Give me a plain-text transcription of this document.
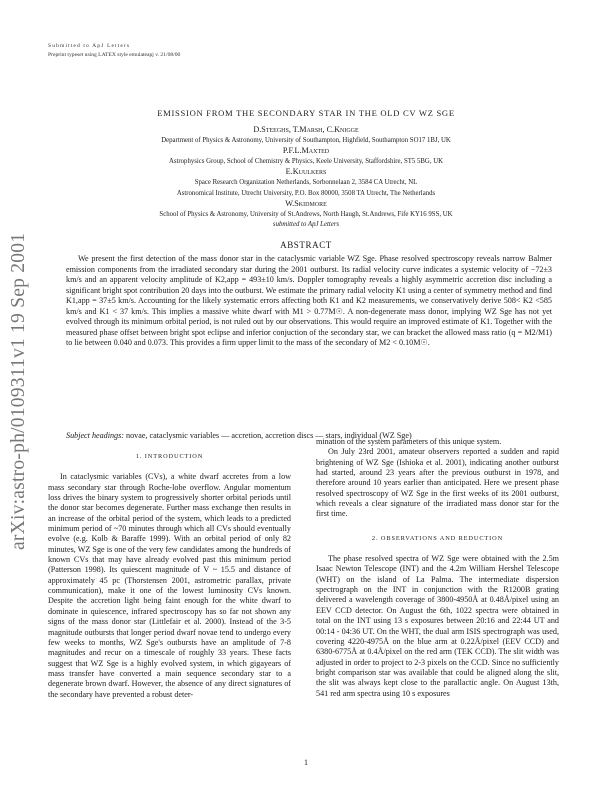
Submitted to ApJ Letters
Preprint typeset using LATEX style emulateapj v. 21/08/00
arXiv:astro-ph/0109311v1 19 Sep 2001
EMISSION FROM THE SECONDARY STAR IN THE OLD CV WZ SGE
D.Steeghs, T.Marsh, C.Knigge
Department of Physics & Astronomy, University of Southampton, Highfield, Southampton SO17 1BJ, UK
P.F.L.Maxted
Astrophysics Group, School of Chemistry & Physics, Keele University, Staffordshire, ST5 5BG, UK
E.Kuulkers
Space Research Organization Netherlands, Sorbonnelaan 2, 3584 CA Utrecht, NL
Astronomical Institute, Utrecht University, P.O. Box 80000, 3508 TA Utrecht, The Netherlands
W.Skidmore
School of Physics & Astronomy, University of St.Andrews, North Haugh, St.Andrews, Fife KY16 9SS, UK
submitted to ApJ Letters
ABSTRACT

We present the first detection of the mass donor star in the cataclysmic variable WZ Sge. Phase resolved spectroscopy reveals narrow Balmer emission components from the irradiated secondary star during the 2001 outburst. Its radial velocity curve indicates a systemic velocity of −72±3 km/s and an apparent velocity amplitude of K2,app = 493±10 km/s. Doppler tomography reveals a highly asymmetric accretion disc including a significant bright spot contribution 20 days into the outburst. We estimate the primary radial velocity K1 using a center of symmetry method and find K1,app = 37±5 km/s. Accounting for the likely systematic errors affecting both K1 and K2 measurements, we conservatively derive 508< K2 <585 km/s and K1 < 37 km/s. This implies a massive white dwarf with M1 > 0.77M☉. A non-degenerate mass donor, implying WZ Sge has not yet evolved through its minimum orbital period, is not ruled out by our observations. This would require an improved estimate of K1. Together with the measured phase offset between bright spot eclipse and inferior conjuction of the secondary star, we can bracket the allowed mass ratio (q = M2/M1) to lie between 0.040 and 0.073. This provides a firm upper limit to the mass of the secondary of M2 < 0.10M☉.

Subject headings: novae, cataclysmic variables — accretion, accretion discs — stars, individual (WZ Sge)

1. INTRODUCTION

In cataclysmic variables (CVs), a white dwarf accretes from a low mass secondary star through Roche-lobe overflow. Angular momentum loss drives the binary system to progressively shorter orbital periods until the donor star becomes degenerate. Further mass exchange then results in an increase of the orbital period of the system, which leads to a predicted minimum period of ~70 minutes through which all CVs should eventually evolve (e.g. Kolb & Baraffe 1999). With an orbital period of only 82 minutes, WZ Sge is one of the very few candidates among the hundreds of known CVs that may have already evolved past this minimum period (Patterson 1998). Its quiescent magnitude of V ~ 15.5 and distance of approximately 45 pc (Thorstensen 2001, astrometric parallax, private communication), make it one of the lowest luminosity CVs known. Despite the accretion light being faint enough for the white dwarf to dominate in quiescence, infrared spectroscopy has so far not shown any signs of the mass donor star (Littlefair et al. 2000). Instead of the 3-5 magnitude outbursts that longer period dwarf novae tend to undergo every few weeks to months, WZ Sge's outbursts have an amplitude of 7-8 magnitudes and recur on a timescale of roughly 33 years. These facts suggest that WZ Sge is a highly evolved system, in which gigayears of mass transfer have converted a main sequence secondary star to a degenerate brown dwarf. However, the absence of any direct signatures of the secondary have prevented a robust deter-

mination of the system parameters of this unique system.

On July 23rd 2001, amateur observers reported a sudden and rapid brightening of WZ Sge (Ishioka et al. 2001), indicating another outburst had started, around 23 years after the previous outburst in 1978, and therefore around 10 years earlier than anticipated. Here we present phase resolved spectroscopy of WZ Sge in the first weeks of its 2001 outburst, which reveals a clear signature of the irradiated mass donor star for the first time.

2. OBSERVATIONS AND REDUCTION

The phase resolved spectra of WZ Sge were obtained with the 2.5m Isaac Newton Telescope (INT) and the 4.2m William Hershel Telescope (WHT) on the island of La Palma. The intermediate dispersion spectrograph on the INT in conjunction with the R1200B grating delivered a wavelength coverage of 3800-4950Å at 0.48Å/pixel using an EEV CCD detector. On August the 6th, 1022 spectra were obtained in total on the INT using 13 s exposures between 20:16 and 22:44 UT and 00:14 - 04:36 UT. On the WHT, the dual arm ISIS spectrograph was used, covering 4220-4975Å on the blue arm at 0.22Å/pixel (EEV CCD) and 6380-6775Å at 0.4Å/pixel on the red arm (TEK CCD). The slit width was adjusted in order to project to 2-3 pixels on the CCD. Since no sufficiently bright comparison star was available that could be aligned along the slit, the slit was always kept close to the parallactic angle. On August 13th, 541 red arm spectra using 10 s exposures

1
